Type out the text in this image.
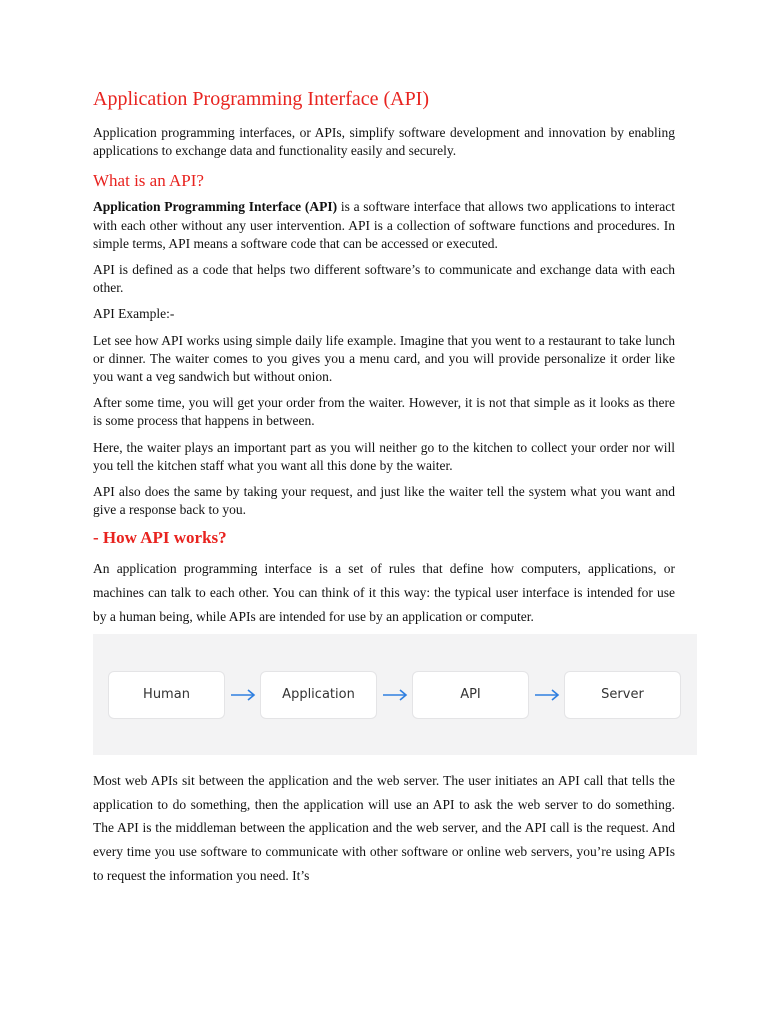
Application Programming Interface (API)

Application programming interfaces, or APIs, simplify software development and innovation by enabling applications to exchange data and functionality easily and securely.

What is an API?

Application Programming Interface (API) is a software interface that allows two applications to interact with each other without any user intervention. API is a collection of software functions and procedures. In simple terms, API means a software code that can be accessed or executed.

API is defined as a code that helps two different software’s to communicate and exchange data with each other.

API Example:-

Let see how API works using simple daily life example. Imagine that you went to a restaurant to take lunch or dinner. The waiter comes to you gives you a menu card, and you will provide personalize it order like you want a veg sandwich but without onion.

After some time, you will get your order from the waiter. However, it is not that simple as it looks as there is some process that happens in between.

Here, the waiter plays an important part as you will neither go to the kitchen to collect your order nor will you tell the kitchen staff what you want all this done by the waiter.

API also does the same by taking your request, and just like the waiter tell the system what you want and give a response back to you.

- How API works?

An application programming interface is a set of rules that define how computers, applications, or machines can talk to each other. You can think of it this way: the typical user interface is intended for use by a human being, while APIs are intended for use by an application or computer.

Human	Application	API	Server

Most web APIs sit between the application and the web server. The user initiates an API call that tells the application to do something, then the application will use an API to ask the web server to do something. The API is the middleman between the application and the web server, and the API call is the request. And every time you use software to communicate with other software or online web servers, you’re using APIs to request the information you need. It’s
